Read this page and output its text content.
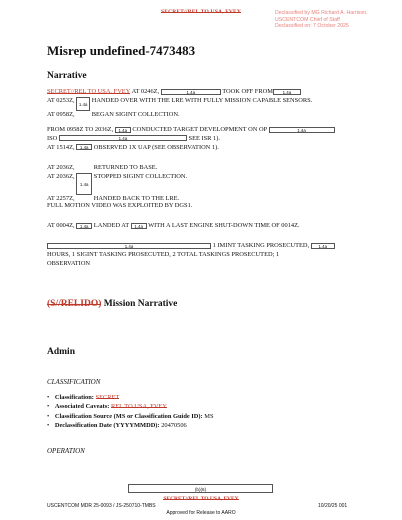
SECRET//REL TO USA, FVEY	Declassified by MG Richard A. Harrison,
USCENTCOM Chief of Staff
Declassified on: 7 October 2025
Misrep undefined-7473483
Narrative
SECRET//REL TO USA, FVEY AT 0246Z,	1.4a	TOOK OFF FROM 1.4a
AT 0253Z, 1.4a HANDED OVER WITH THE LRE WITH FULLY MISSION CAPABLE SENSORS.
AT 0958Z,	BEGAN SIGINT COLLECTION.
FROM 0958Z TO 2036Z, 1.4a CONDUCTED TARGET DEVELOPMENT ON OP	1.4a
ISO	1.4a	SEE ISR 1).
AT 1514Z, 1.4a OBSERVED 1X UAP (SEE OBSERVATION 1).
AT 2036Z,	RETURNED TO BASE.
AT 2036Z, 1.4a STOPPED SIGINT COLLECTION.
AT 2257Z,	HANDED BACK TO THE LRE.

FULL MOTION VIDEO WAS EXPLOITED BY DGS1.

AT 0004Z, 1.4a LANDED AT 1.4a WITH A LAST ENGINE SHUT-DOWN TIME OF 0014Z.
1.4a	1 IMINT TASKING PROSECUTED, 1.4a
HOURS, 1 SIGINT TASKING PROSECUTED, 2 TOTAL TASKINGS PROSECUTED; 1
OBSERVATION
(S//RELIDO) Mission Narrative
Admin

CLASSIFICATION

• Classification: SECRET
• Associated Caveats: REL TO USA, FVEY
• Classification Source (MS or Classification Guide ID): MS
• Declassification Date (YYYYMMDD): 20470506

OPERATION

(b)(6)
SECRET//REL TO USA, FVEY
USCENTCOM MDR 25-0093 / JS-250710-TMBS	10/20/25 001
Approved for Release to AARO
